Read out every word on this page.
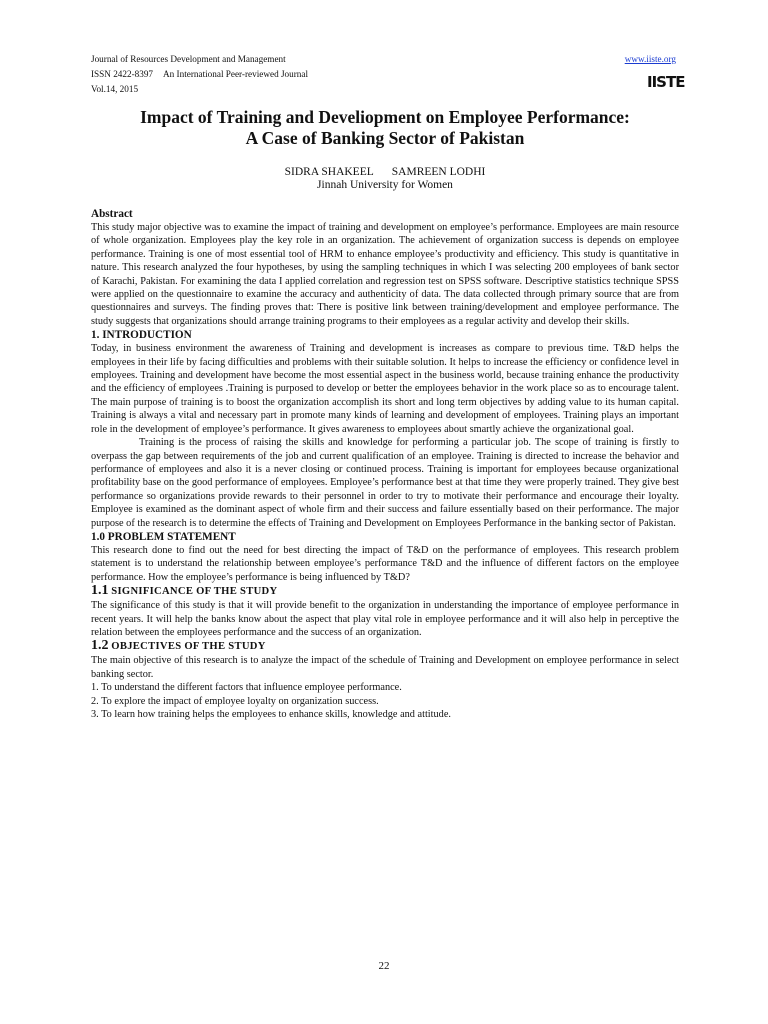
Journal of Resources Development and Management
ISSN 2422-8397 An International Peer-reviewed Journal
Vol.14, 2015
www.iiste.org
IISTE
Impact of Training and Develiopment on Employee Performance:
A Case of Banking Sector of Pakistan
SIDRA SHAKEEL SAMREEN LODHI
Jinnah University for Women
Abstract

This study major objective was to examine the impact of training and development on employee’s performance. Employees are main resource of whole organization. Employees play the key role in an organization. The achievement of organization success is depends on employee performance. Training is one of most essential tool of HRM to enhance employee’s productivity and efficiency. This study is quantitative in nature. This research analyzed the four hypotheses, by using the sampling techniques in which I was selecting 200 employees of bank sector of Karachi, Pakistan. For examining the data I applied correlation and regression test on SPSS software. Descriptive statistics technique SPSS were applied on the questionnaire to examine the accuracy and authenticity of data. The data collected through primary source that are from questionnaires and surveys. The finding proves that: There is positive link between training/development and employee performance. The study suggests that organizations should arrange training programs to their employees as a regular activity and develop their skills.

1. INTRODUCTION

Today, in business environment the awareness of Training and development is increases as compare to previous time. T&D helps the employees in their life by facing difficulties and problems with their suitable solution. It helps to increase the efficiency or confidence level in employees. Training and development have become the most essential aspect in the business world, because training enhance the productivity and the efficiency of employees .Training is purposed to develop or better the employees behavior in the work place so as to encourage talent. The main purpose of training is to boost the organization accomplish its short and long term objectives by adding value to its human capital. Training is always a vital and necessary part in promote many kinds of learning and development of employees. Training plays an important role in the development of employee’s performance. It gives awareness to employees about smartly achieve the organizational goal.

Training is the process of raising the skills and knowledge for performing a particular job. The scope of training is firstly to overpass the gap between requirements of the job and current qualification of an employee. Training is directed to increase the behavior and performance of employees and also it is a never closing or continued process. Training is important for employees because organizational profitability base on the good performance of employees. Employee’s performance best at that time they were properly trained. They give best performance so organizations provide rewards to their personnel in order to try to motivate their performance and encourage their loyalty. Employee is examined as the dominant aspect of whole firm and their success and failure essentially based on their performance. The major purpose of the research is to determine the effects of Training and Development on Employees Performance in the banking sector of Pakistan.

1.0 PROBLEM STATEMENT

This research done to find out the need for best directing the impact of T&D on the performance of employees. This research problem statement is to understand the relationship between employee’s performance T&D and the influence of different factors on the employee performance. How the employee’s performance is being influenced by T&D?

1.1 SIGNIFICANCE OF THE STUDY

The significance of this study is that it will provide benefit to the organization in understanding the importance of employee performance in recent years. It will help the banks know about the aspect that play vital role in employee performance and it will also help in perceptive the relation between the employees performance and the success of an organization.

1.2 OBJECTIVES OF THE STUDY

The main objective of this research is to analyze the impact of the schedule of Training and Development on employee performance in select banking sector.

1. To understand the different factors that influence employee performance.

2. To explore the impact of employee loyalty on organization success.

3. To learn how training helps the employees to enhance skills, knowledge and attitude.

22
